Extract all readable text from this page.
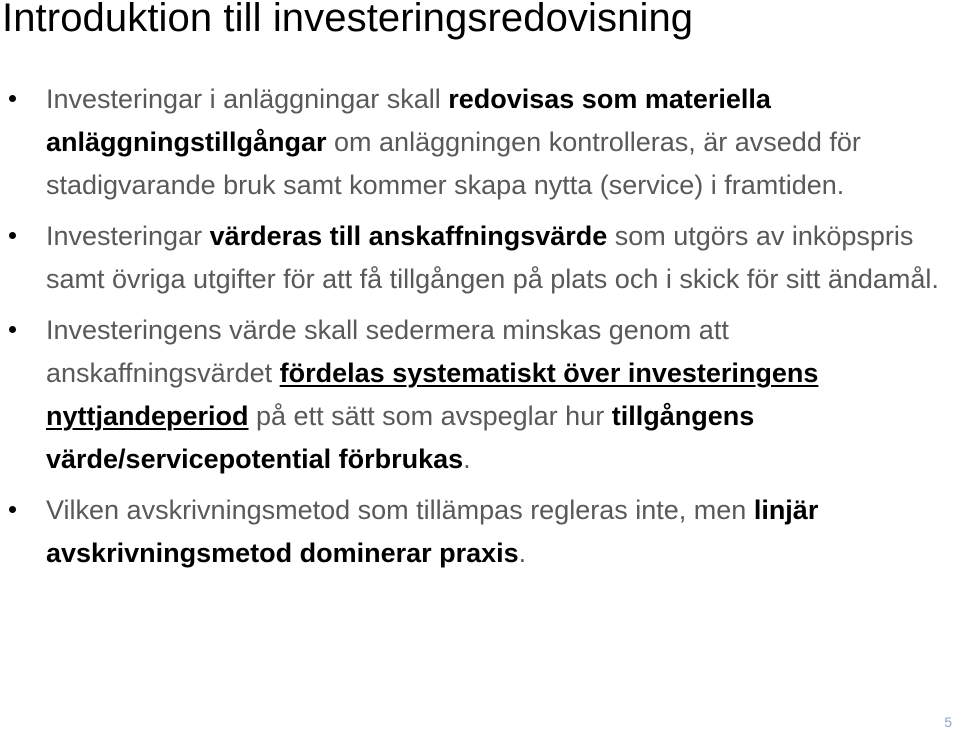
Introduktion till investeringsredovisning
Investeringar i anläggningar skall redovisas som materiella anläggningstillgångar om anläggningen kontrolleras, är avsedd för stadigvarande bruk samt kommer skapa nytta (service) i framtiden.
Investeringar värderas till anskaffningsvärde som utgörs av inköpspris samt övriga utgifter för att få tillgången på plats och i skick för sitt ändamål.
Investeringens värde skall sedermera minskas genom att anskaffningsvärdet fördelas systematiskt över investeringens nyttjandeperiod på ett sätt som avspeglar hur tillgångens värde/servicepotential förbrukas.
Vilken avskrivningsmetod som tillämpas regleras inte, men linjär avskrivningsmetod dominerar praxis.
5
